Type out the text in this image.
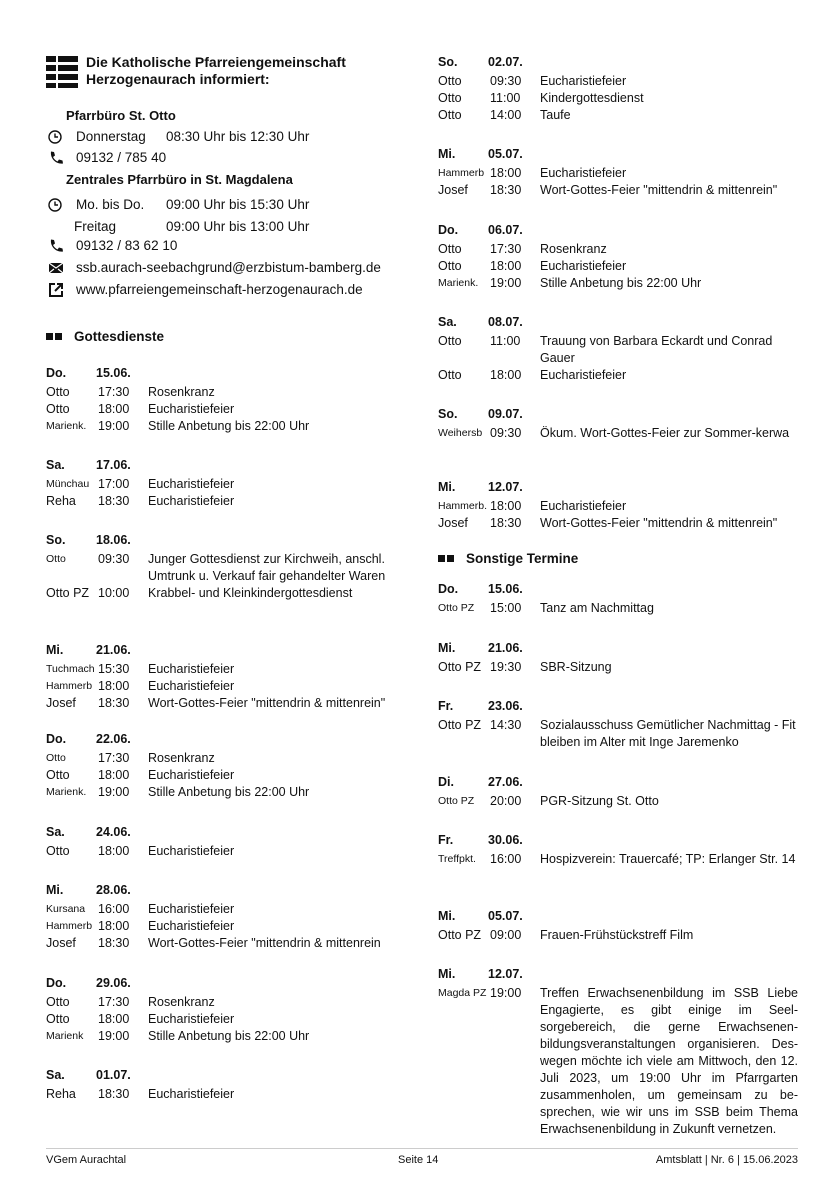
Die Katholische Pfarreiengemeinschaft
Herzogenaurach informiert:
Pfarrbüro St. Otto
Donnerstag 08:30 Uhr bis 12:30 Uhr
09132 / 785 40
Zentrales Pfarrbüro in St. Magdalena
Mo. bis Do. 09:00 Uhr bis 15:30 Uhr
Freitag	09:00 Uhr bis 13:00 Uhr
09132 / 83 62 10
ssb.aurach-seebachgrund@erzbistum-bamberg.de
www.pfarreiengemeinschaft-herzogenaurach.de
Gottesdienste
Do. 15.06.
Otto 17:30 Rosenkranz
Otto 18:00 Eucharistiefeier
Marienk. 19:00 Stille Anbetung bis 22:00 Uhr
Sa. 17.06.
Münchau 17:00 Eucharistiefeier
Reha 18:30 Eucharistiefeier
So. 18.06.
Otto	09:30 Junger Gottesdienst zur Kirchweih, anschl. Umtrunk u. Verkauf fair gehandelter Waren
Otto PZ 10:00 Krabbel- und Kleinkindergottesdienst
Mi.	21.06.
Tuchmach 15:30 Eucharistiefeier
Hammerb 18:00 Eucharistiefeier
Josef 18:30 Wort-Gottes-Feier "mittendrin & mittenrein"
Do. 22.06.
Otto	17:30 Rosenkranz
Otto 18:00 Eucharistiefeier
Marienk. 19:00 Stille Anbetung bis 22:00 Uhr
Sa. 24.06.
Otto 18:00 Eucharistiefeier
Mi.	28.06.
Kursana 16:00 Eucharistiefeier
Hammerb 18:00 Eucharistiefeier
Josef 18:30 Wort-Gottes-Feier "mittendrin & mittenrein
Do. 29.06.
Otto 17:30 Rosenkranz
Otto 18:00 Eucharistiefeier
Marienk 19:00 Stille Anbetung bis 22:00 Uhr
Sa. 01.07.
Reha 18:30 Eucharistiefeier
So. 02.07.
Otto 09:30 Eucharistiefeier
Otto 11:00 Kindergottesdienst
Otto 14:00 Taufe
Mi.	05.07.
Hammerb 18:00 Eucharistiefeier
Josef 18:30 Wort-Gottes-Feier "mittendrin & mittenrein"
Do. 06.07.
Otto 17:30 Rosenkranz
Otto 18:00 Eucharistiefeier
Marienk. 19:00 Stille Anbetung bis 22:00 Uhr
Sa. 08.07.
Otto 11:00 Trauung von Barbara Eckardt und Conrad Gauer
Otto 18:00 Eucharistiefeier
So. 09.07.
Weihersb 09:30 Ökum. Wort-Gottes-Feier zur Sommer-kerwa
Mi.	12.07.
Hammerb. 18:00 Eucharistiefeier
Josef 18:30 Wort-Gottes-Feier "mittendrin & mittenrein"
Sonstige Termine
Do. 15.06.
Otto PZ 15:00 Tanz am Nachmittag
Mi.	21.06.
Otto PZ 19:30 SBR-Sitzung
Fr.	23.06.
Otto PZ 14:30 Sozialausschuss Gemütlicher Nachmittag - Fit bleiben im Alter mit Inge Jaremenko
Di.	27.06.
Otto PZ 20:00 PGR-Sitzung St. Otto
Fr.	30.06.
Treffpkt. 16:00 Hospizverein: Trauercafé; TP: Erlanger Str. 14
Mi.	05.07.
Otto PZ 09:00 Frauen-Frühstückstreff Film
Mi.	12.07.
Magda PZ 19:00 Treffen Erwachsenenbildung im SSB Liebe Engagierte, es gibt einige im Seel-sorgebereich, die gerne Erwachsenen-bildungsveranstaltungen organisieren. Des-wegen möchte ich viele am Mittwoch, den 12. Juli 2023, um 19:00 Uhr im Pfarrgarten zusammenholen, um gemeinsam zu be-sprechen, wie wir uns im SSB beim Thema Erwachsenenbildung in Zukunft vernetzen.
VGem Aurachtal	Seite 14	Amtsblatt | Nr. 6 | 15.06.2023
